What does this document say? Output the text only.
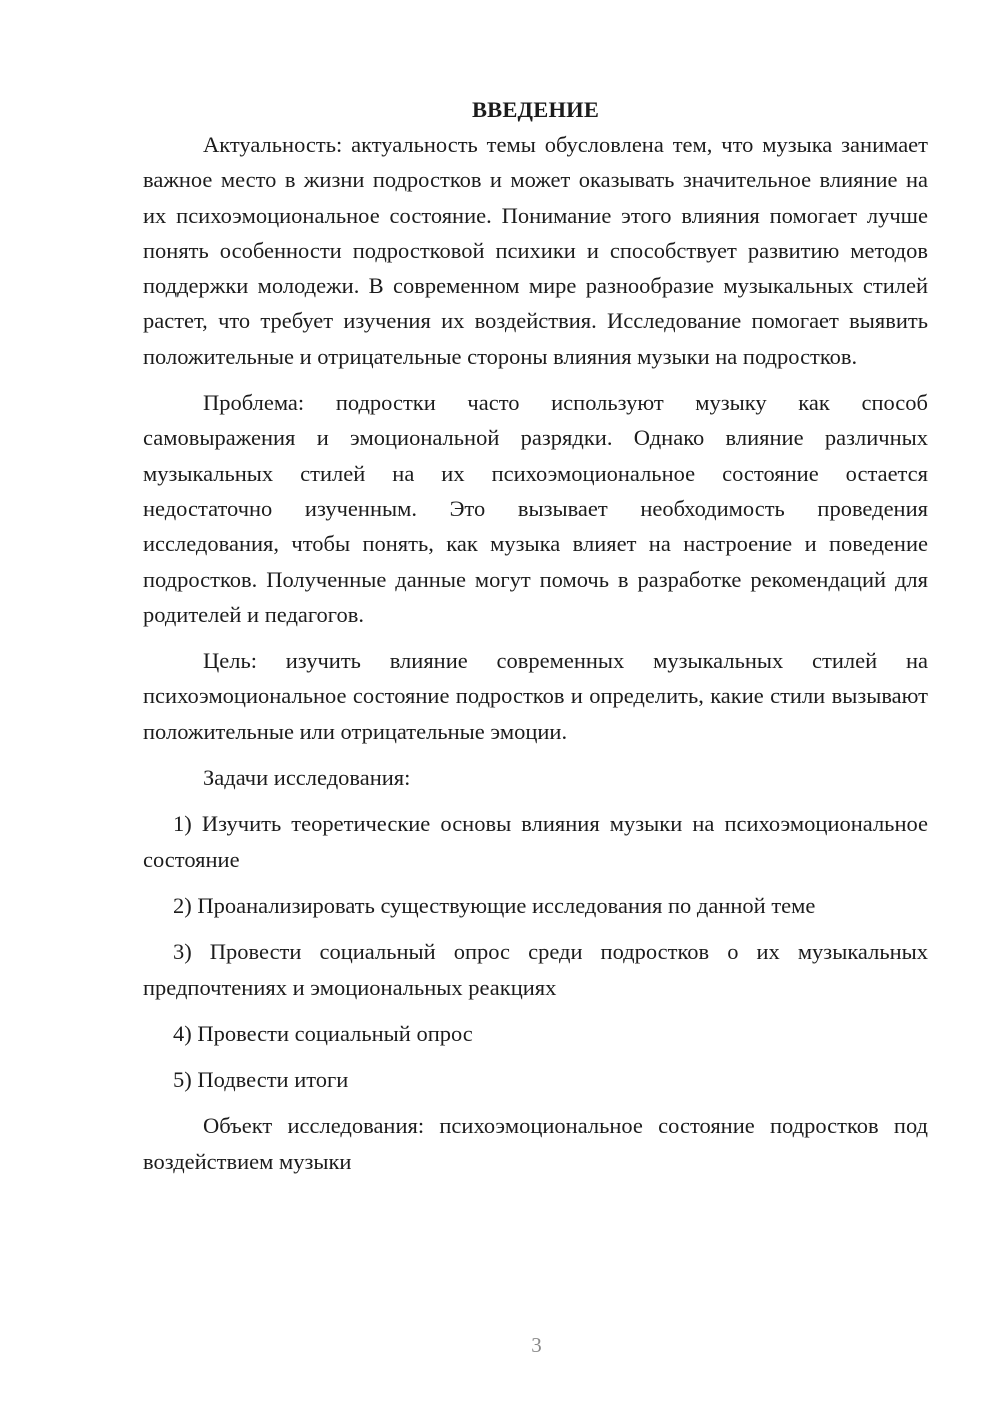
ВВЕДЕНИЕ

Актуальность: актуальность темы обусловлена тем, что музыка занимает важное место в жизни подростков и может оказывать значительное влияние на их психоэмоциональное состояние. Понимание этого влияния помогает лучше понять особенности подростковой психики и способствует развитию методов поддержки молодежи. В современном мире разнообразие музыкальных стилей растет, что требует изучения их воздействия. Исследование помогает выявить положительные и отрицательные стороны влияния музыки на подростков.

Проблема: подростки часто используют музыку как способ самовыражения и эмоциональной разрядки. Однако влияние различных музыкальных стилей на их психоэмоциональное состояние остается недостаточно изученным. Это вызывает необходимость проведения исследования, чтобы понять, как музыка влияет на настроение и поведение подростков. Полученные данные могут помочь в разработке рекомендаций для родителей и педагогов.

Цель: изучить влияние современных музыкальных стилей на психоэмоциональное состояние подростков и определить, какие стили вызывают положительные или отрицательные эмоции.

Задачи исследования:

1) Изучить теоретические основы влияния музыки на психоэмоциональное состояние

2) Проанализировать существующие исследования по данной теме

3) Провести социальный опрос среди подростков о их музыкальных предпочтениях и эмоциональных реакциях

4) Провести социальный опрос

5) Подвести итоги

Объект исследования: психоэмоциональное состояние подростков под воздействием музыки

3
